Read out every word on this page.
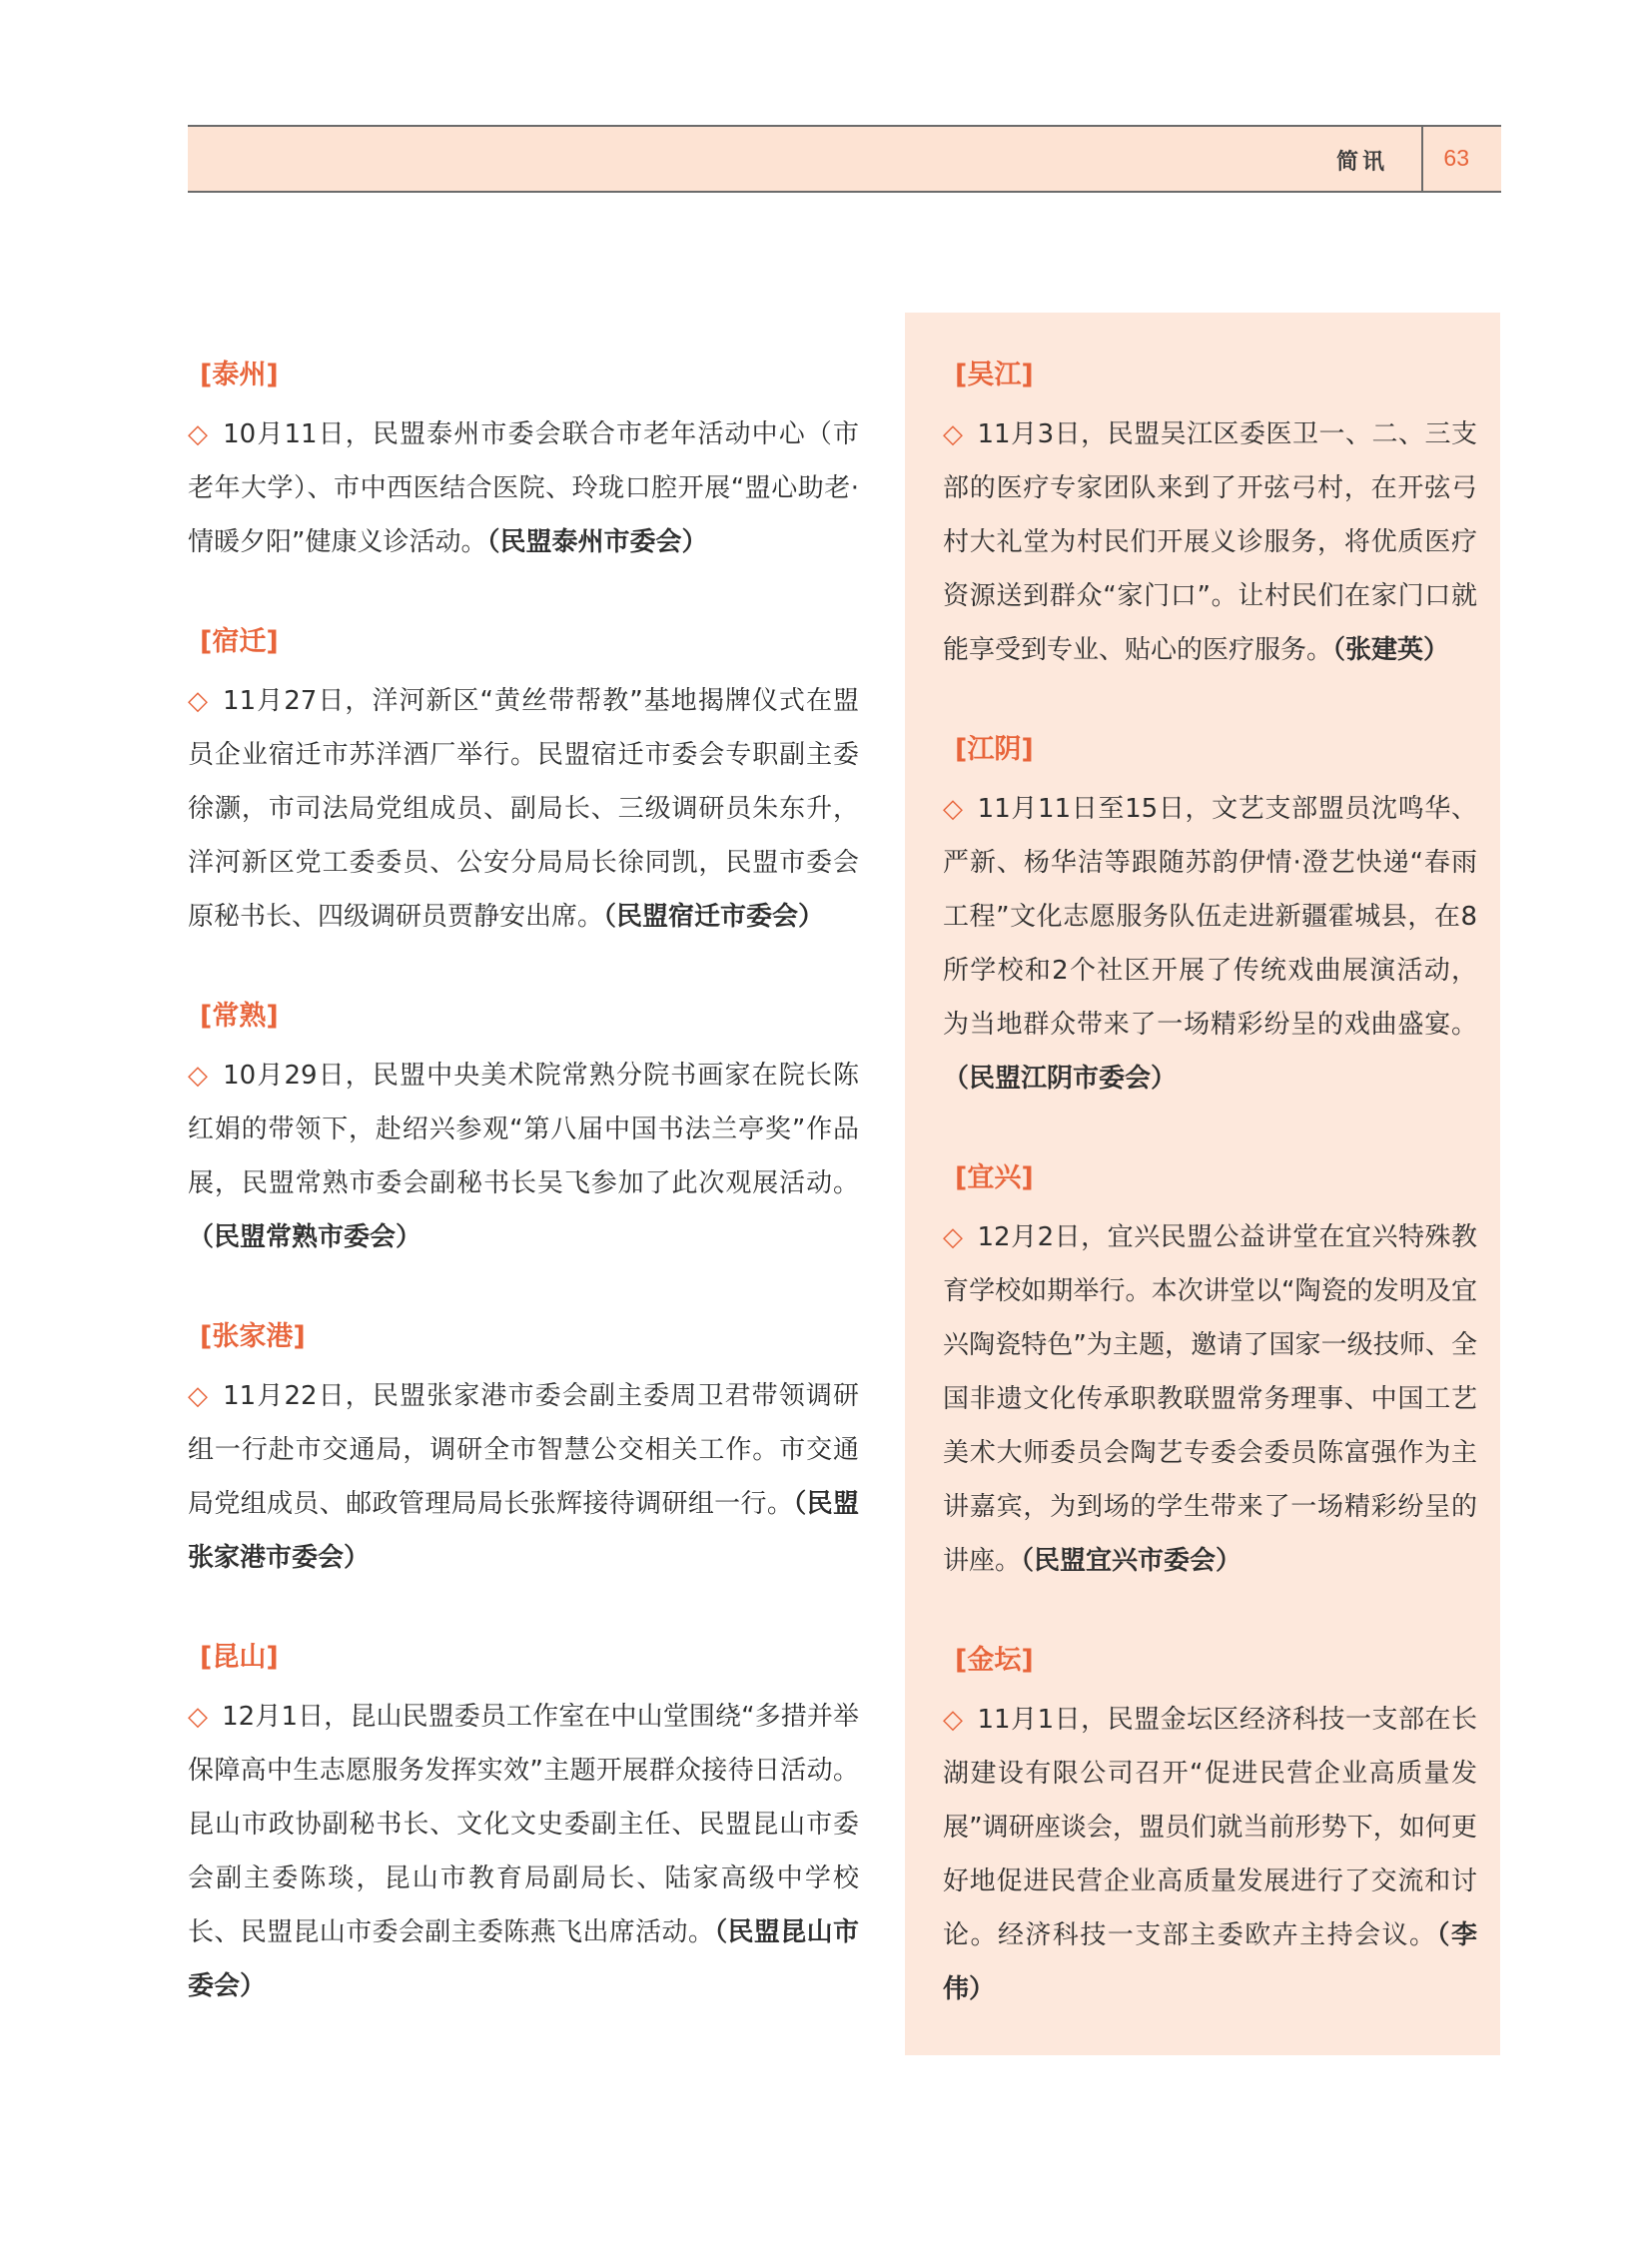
简讯 63
[泰州]

◇ 10月11日，民盟泰州市委会联合市老年活动中心（市老年大学）、市中西医结合医院、玲珑口腔开展“盟心助老·情暖夕阳”健康义诊活动。（民盟泰州市委会）

[宿迁]

◇ 11月27日，洋河新区“黄丝带帮教”基地揭牌仪式在盟员企业宿迁市苏洋酒厂举行。民盟宿迁市委会专职副主委徐灏，市司法局党组成员、副局长、三级调研员朱东升，洋河新区党工委委员、公安分局局长徐同凯，民盟市委会原秘书长、四级调研员贾静安出席。（民盟宿迁市委会）

[常熟]

◇ 10月29日，民盟中央美术院常熟分院书画家在院长陈红娟的带领下，赴绍兴参观“第八届中国书法兰亭奖”作品展，民盟常熟市委会副秘书长吴飞参加了此次观展活动。（民盟常熟市委会）

[张家港]

◇ 11月22日，民盟张家港市委会副主委周卫君带领调研组一行赴市交通局，调研全市智慧公交相关工作。市交通局党组成员、邮政管理局局长张辉接待调研组一行。（民盟张家港市委会）

[昆山]

◇ 12月1日，昆山民盟委员工作室在中山堂围绕“多措并举保障高中生志愿服务发挥实效”主题开展群众接待日活动。昆山市政协副秘书长、文化文史委副主任、民盟昆山市委会副主委陈琰，昆山市教育局副局长、陆家高级中学校长、民盟昆山市委会副主委陈燕飞出席活动。（民盟昆山市委会）

[吴江]

◇ 11月3日，民盟吴江区委医卫一、二、三支部的医疗专家团队来到了开弦弓村，在开弦弓村大礼堂为村民们开展义诊服务，将优质医疗资源送到群众“家门口”。让村民们在家门口就能享受到专业、贴心的医疗服务。（张建英）

[江阴]

◇ 11月11日至15日，文艺支部盟员沈鸣华、严新、杨华洁等跟随苏韵伊情·澄艺快递“春雨工程”文化志愿服务队伍走进新疆霍城县，在8所学校和2个社区开展了传统戏曲展演活动，为当地群众带来了一场精彩纷呈的戏曲盛宴。（民盟江阴市委会）

[宜兴]

◇ 12月2日，宜兴民盟公益讲堂在宜兴特殊教育学校如期举行。本次讲堂以“陶瓷的发明及宜兴陶瓷特色”为主题，邀请了国家一级技师、全国非遗文化传承职教联盟常务理事、中国工艺美术大师委员会陶艺专委会委员陈富强作为主讲嘉宾，为到场的学生带来了一场精彩纷呈的讲座。（民盟宜兴市委会）

[金坛]

◇ 11月1日，民盟金坛区经济科技一支部在长湖建设有限公司召开“促进民营企业高质量发展”调研座谈会，盟员们就当前形势下，如何更好地促进民营企业高质量发展进行了交流和讨论。经济科技一支部主委欧卉主持会议。（李伟）
